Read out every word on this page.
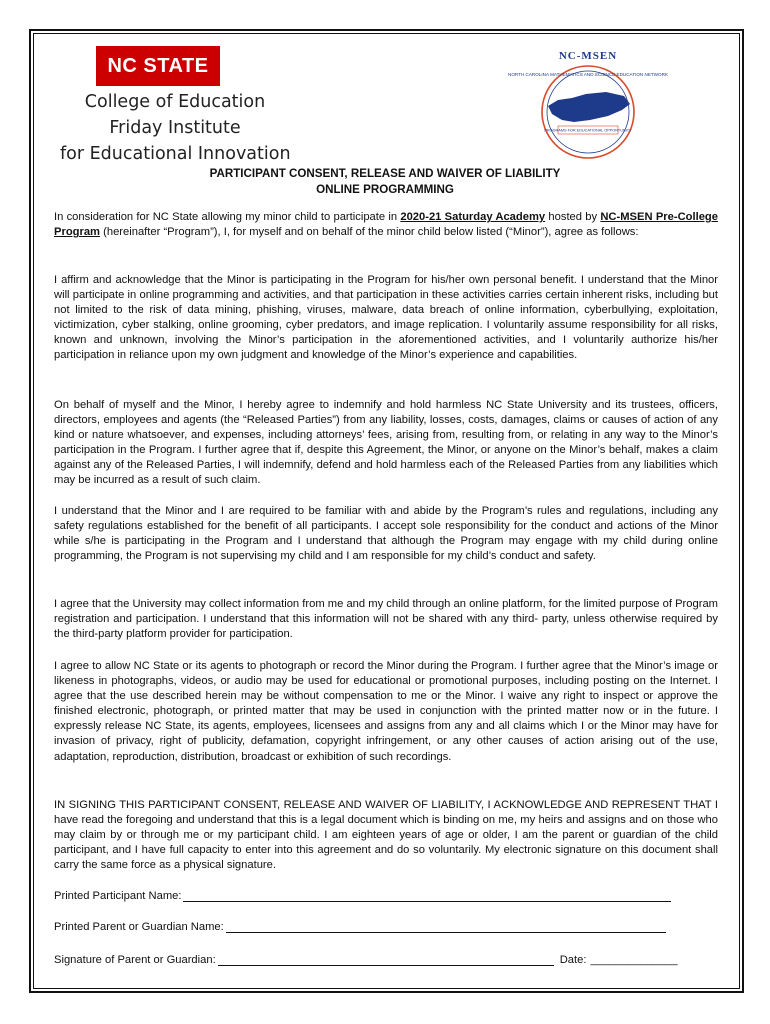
NC STATE
College of Education
Friday Institute
for Educational Innovation
NC-MSEN
NORTH CAROLINA MATHEMATICS AND SCIENCE EDUCATION NETWORK
PROGRAMS FOR EDUCATIONAL OPPORTUNITY
PARTICIPANT CONSENT, RELEASE AND WAIVER OF LIABILITY
ONLINE PROGRAMMING
In consideration for NC State allowing my minor child to participate in 2020-21 Saturday Academy hosted by NC-MSEN Pre-College Program (hereinafter “Program”), I, for myself and on behalf of the minor child below listed (“Minor”), agree as follows:
I affirm and acknowledge that the Minor is participating in the Program for his/her own personal benefit. I understand that the Minor will participate in online programming and activities, and that participation in these activities carries certain inherent risks, including but not limited to the risk of data mining, phishing, viruses, malware, data breach of online information, cyberbullying, exploitation, victimization, cyber stalking, online grooming, cyber predators, and image replication. I voluntarily assume responsibility for all risks, known and unknown, involving the Minor’s participation in the aforementioned activities, and I voluntarily authorize his/her participation in reliance upon my own judgment and knowledge of the Minor’s experience and capabilities.
On behalf of myself and the Minor, I hereby agree to indemnify and hold harmless NC State University and its trustees, officers, directors, employees and agents (the “Released Parties”) from any liability, losses, costs, damages, claims or causes of action of any kind or nature whatsoever, and expenses, including attorneys’ fees, arising from, resulting from, or relating in any way to the Minor’s participation in the Program. I further agree that if, despite this Agreement, the Minor, or anyone on the Minor’s behalf, makes a claim against any of the Released Parties, I will indemnify, defend and hold harmless each of the Released Parties from any liabilities which may be incurred as a result of such claim.
I understand that the Minor and I are required to be familiar with and abide by the Program’s rules and regulations, including any safety regulations established for the benefit of all participants. I accept sole responsibility for the conduct and actions of the Minor while s/he is participating in the Program and I understand that although the Program may engage with my child during online programming, the Program is not supervising my child and I am responsible for my child’s conduct and safety.
I agree that the University may collect information from me and my child through an online platform, for the limited purpose of Program registration and participation. I understand that this information will not be shared with any third- party, unless otherwise required by the third-party platform provider for participation.
I agree to allow NC State or its agents to photograph or record the Minor during the Program. I further agree that the Minor’s image or likeness in photographs, videos, or audio may be used for educational or promotional purposes, including posting on the Internet. I agree that the use described herein may be without compensation to me or the Minor. I waive any right to inspect or approve the finished electronic, photograph, or printed matter that may be used in conjunction with the printed matter now or in the future. I expressly release NC State, its agents, employees, licensees and assigns from any and all claims which I or the Minor may have for invasion of privacy, right of publicity, defamation, copyright infringement, or any other causes of action arising out of the use, adaptation, reproduction, distribution, broadcast or exhibition of such recordings.
IN SIGNING THIS PARTICIPANT CONSENT, RELEASE AND WAIVER OF LIABILITY, I ACKNOWLEDGE AND REPRESENT THAT I have read the foregoing and understand that this is a legal document which is binding on me, my heirs and assigns and on those who may claim by or through me or my participant child. I am eighteen years of age or older, I am the parent or guardian of the child participant, and I have full capacity to enter into this agreement and do so voluntarily. My electronic signature on this document shall carry the same force as a physical signature.
Printed Participant Name:
Printed Parent or Guardian Name:
Signature of Parent or Guardian:	Date: ______________
